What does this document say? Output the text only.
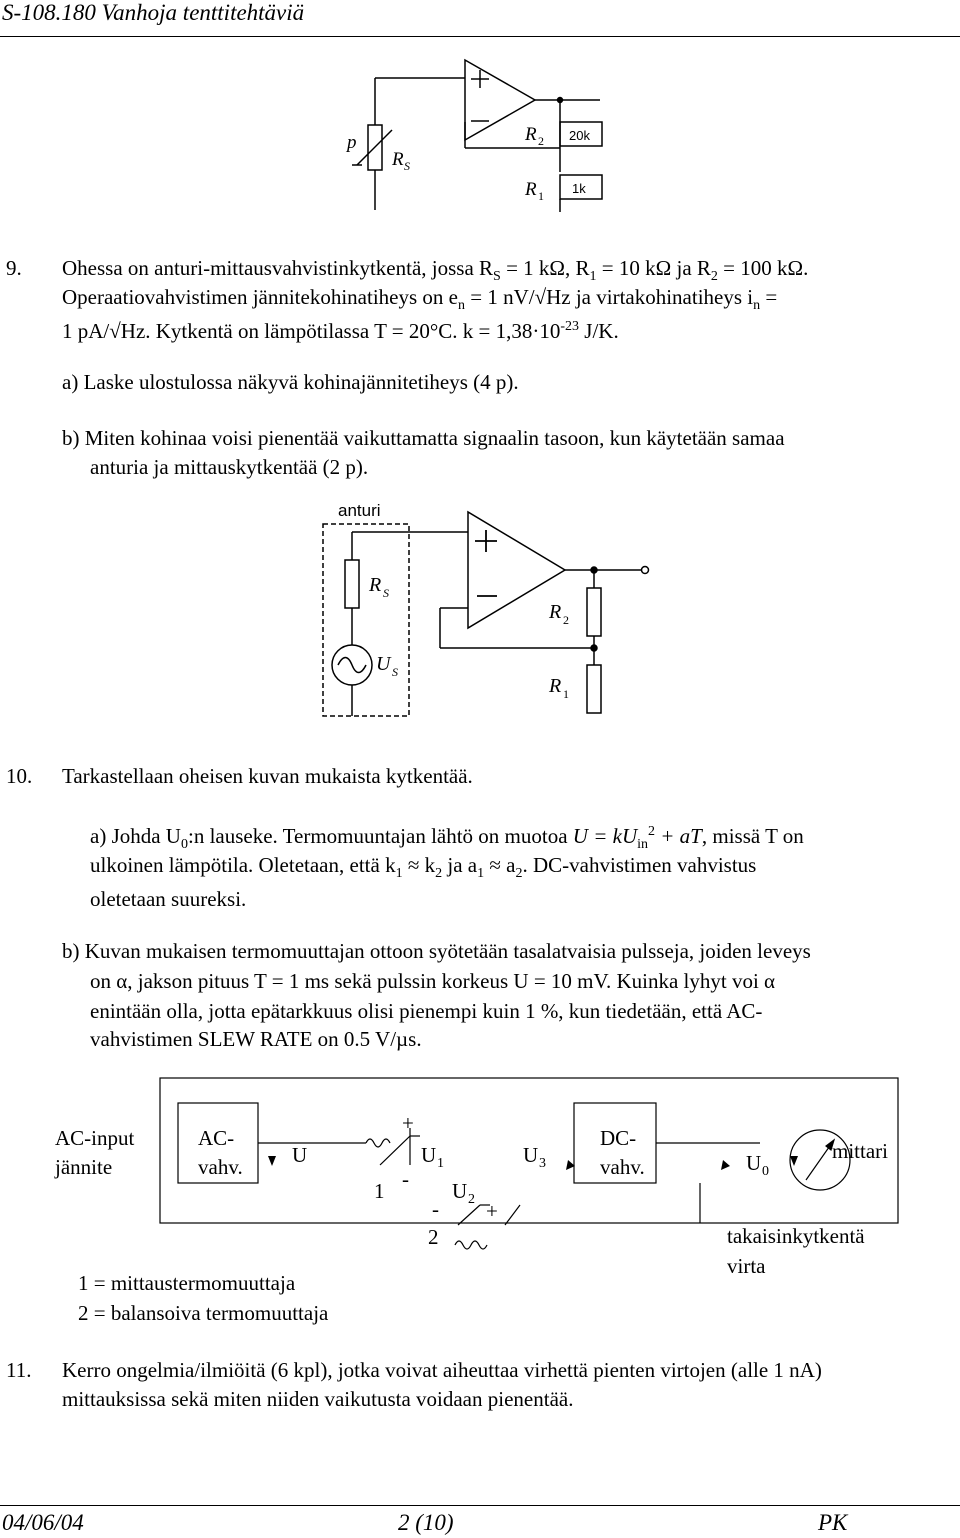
S-108.180 Vanhoja tenttitehtäviä
p
R S
R 2
R 1
20k
1k
9. Ohessa on anturi-mittausvahvistinkytkentä, jossa $R_S = 1$ kΩ, $R_1 = 10$ kΩ ja $R_2 = 100$ kΩ.
Operaatiovahvistimen jännitekohinatiheys on $e_n = 1$ nV/√Hz ja virtakohinatiheys $i_n$ =
1 pA/√Hz. Kytkentä on lämpötilassa T = 20°C. $k = 1,38\cdot 10^{-23}$ J/K.
a) Laske ulostulossa näkyvä kohinajännitetiheys (4 p).
b) Miten kohinaa voisi pienentää vaikuttamatta signaalin tasoon, kun käytetään samaa
anturia ja mittauskytkentää (2 p).
anturi
R S
U S
R 2
R 1
10. Tarkastellaan oheisen kuvan mukaista kytkentää.
a) Johda $U_0:n$ lauseke. Termomuuntajan lähtö on muotoa $U = kU_{in}^2$ + aT, missä T on
ulkoinen lämpötila. Oletetaan, että $k_1 \approx k_2$ ja $a_1 \approx a_2$. DC-vahvistimen vahvistus
oletetaan suureksi.
b) Kuvan mukaisen termomuuttajan ottoon syötetään tasalatvaisia pulsseja, joiden leveys
on α, jakson pituus T = 1 ms sekä pulssin korkeus U = 10 mV. Kuinka lyhyt voi α
enintään olla, jotta epätarkkuus olisi pienempi kuin 1 %, kun tiedetään, että AC-
vahvistimen SLEW RATE on 0.5 V/µs.
AC-input
jännite
AC-
vahv. U
+
1 -
U 1
U 2
-
2
+
U 3
DC-
vahv.	U 0
mittari
takaisinkytkentä
virta
1 = mittaustermomuuttaja
2 = balansoiva termomuuttaja
11. Kerro ongelmia/ilmiöitä (6 kpl), jotka voivat aiheuttaa virhettä pienten virtojen (alle 1 nA)
mittauksissa sekä miten niiden vaikutusta voidaan pienentää.
04/06/04	2 (10)	PK
